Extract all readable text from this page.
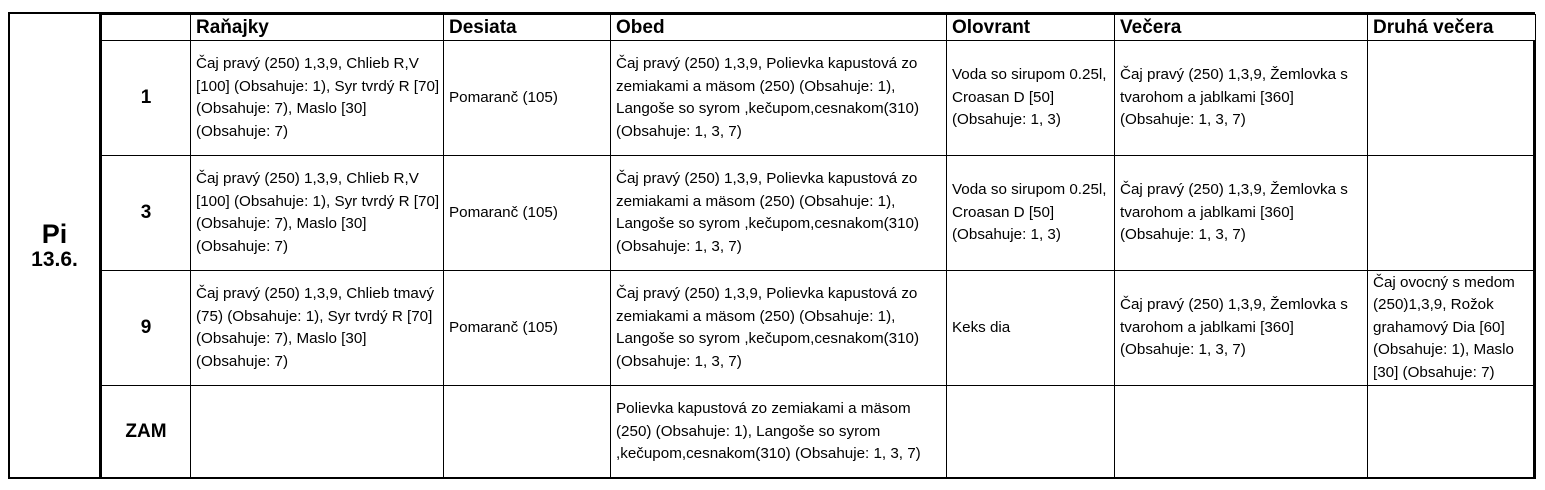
Pi
13.6.
	Raňajky	Desiata	Obed	Olovrant	Večera	Druhá večera
1	Čaj pravý (250) 1,3,9, Chlieb R,V [100] (Obsahuje: 1), Syr tvrdý R [70] (Obsahuje: 7), Maslo [30] (Obsahuje: 7)	Pomaranč (105)	Čaj pravý (250) 1,3,9, Polievka kapustová zo zemiakami a mäsom (250) (Obsahuje: 1), Langoše so syrom ,kečupom,cesnakom(310) (Obsahuje: 1, 3, 7)	Voda so sirupom 0.25l, Croasan D [50] (Obsahuje: 1, 3)	Čaj pravý (250) 1,3,9, Žemlovka s tvarohom a jablkami [360] (Obsahuje: 1, 3, 7)	
3	Čaj pravý (250) 1,3,9, Chlieb R,V [100] (Obsahuje: 1), Syr tvrdý R [70] (Obsahuje: 7), Maslo [30] (Obsahuje: 7)	Pomaranč (105)	Čaj pravý (250) 1,3,9, Polievka kapustová zo zemiakami a mäsom (250) (Obsahuje: 1), Langoše so syrom ,kečupom,cesnakom(310) (Obsahuje: 1, 3, 7)	Voda so sirupom 0.25l, Croasan D [50] (Obsahuje: 1, 3)	Čaj pravý (250) 1,3,9, Žemlovka s tvarohom a jablkami [360] (Obsahuje: 1, 3, 7)	
9	Čaj pravý (250) 1,3,9, Chlieb tmavý (75) (Obsahuje: 1), Syr tvrdý R [70] (Obsahuje: 7), Maslo [30] (Obsahuje: 7)	Pomaranč (105)	Čaj pravý (250) 1,3,9, Polievka kapustová zo zemiakami a mäsom (250) (Obsahuje: 1), Langoše so syrom ,kečupom,cesnakom(310) (Obsahuje: 1, 3, 7)	Keks dia	Čaj pravý (250) 1,3,9, Žemlovka s tvarohom a jablkami [360] (Obsahuje: 1, 3, 7)	Čaj ovocný s medom (250)1,3,9, Rožok grahamový Dia [60] (Obsahuje: 1), Maslo [30] (Obsahuje: 7)
ZAM			Polievka kapustová zo zemiakami a mäsom (250) (Obsahuje: 1), Langoše so syrom ,kečupom,cesnakom(310) (Obsahuje: 1, 3, 7)			
